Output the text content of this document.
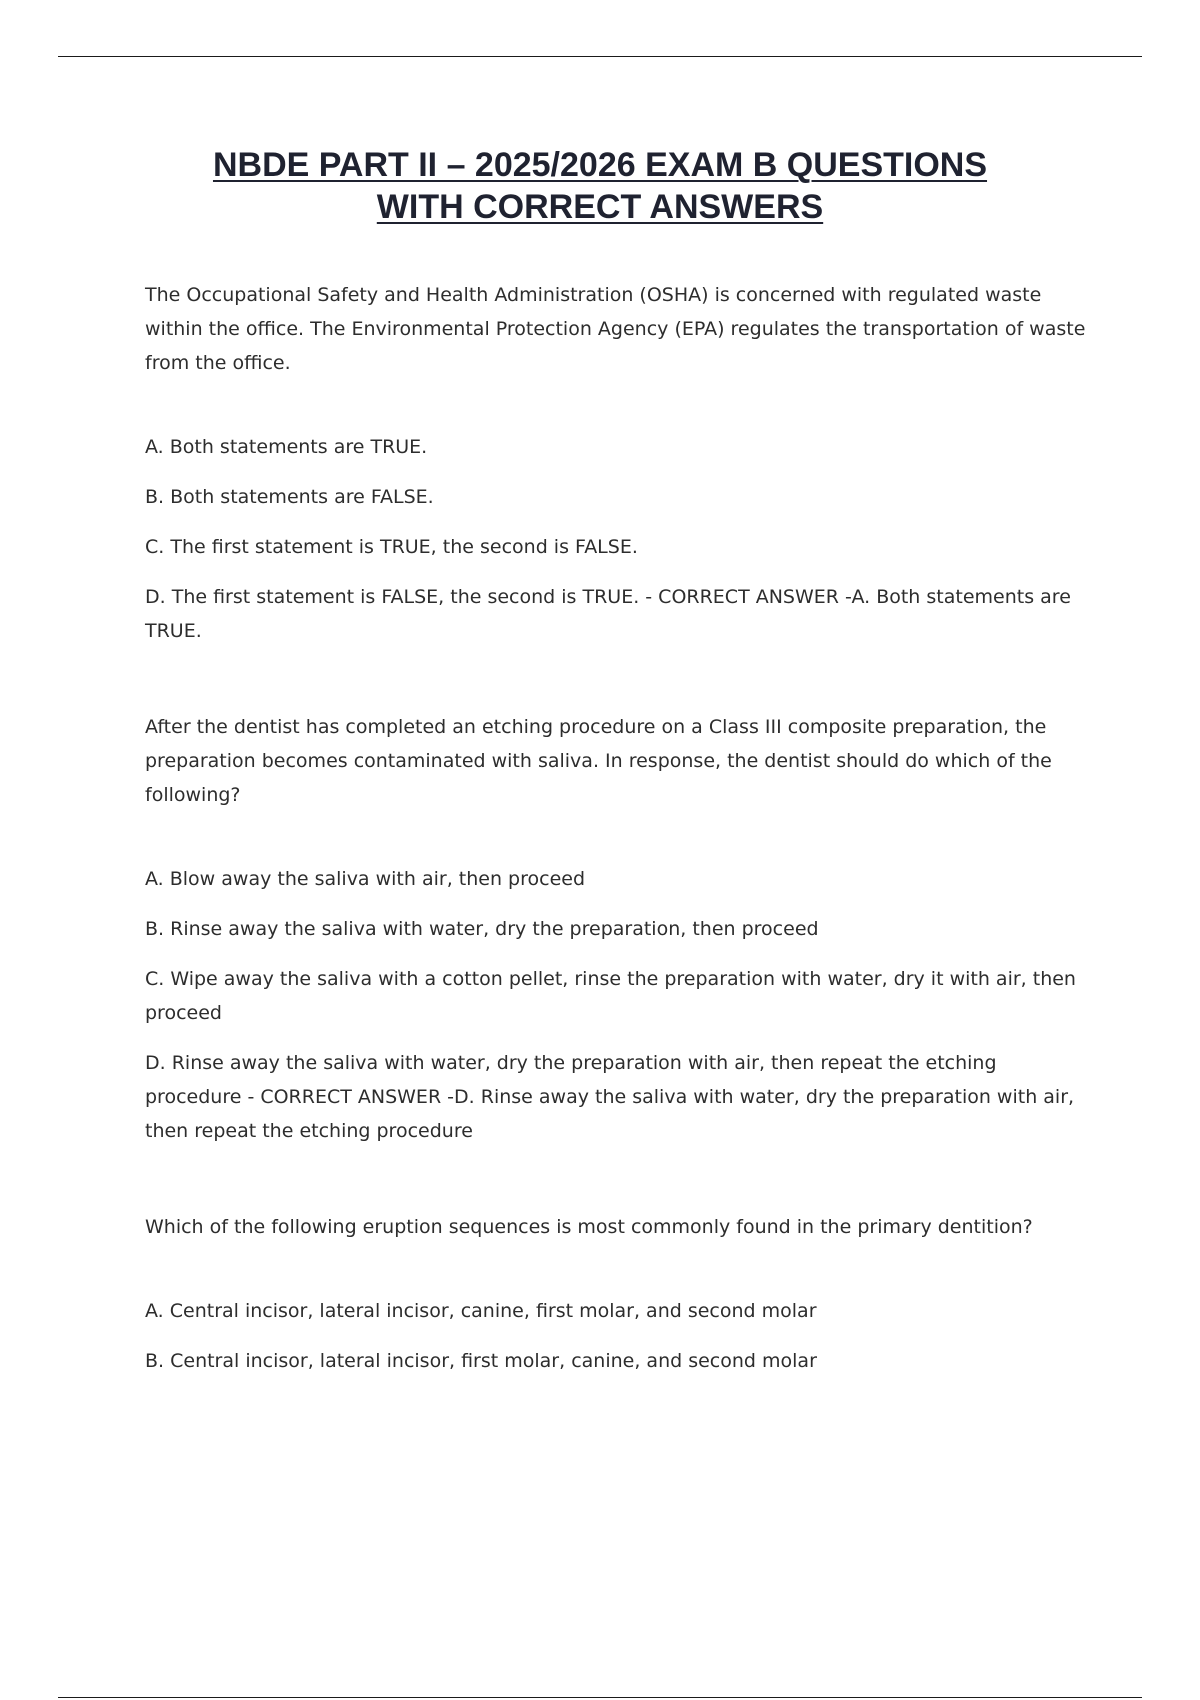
NBDE PART II – 2025/2026 EXAM B QUESTIONS
WITH CORRECT ANSWERS

The Occupational Safety and Health Administration (OSHA) is concerned with regulated waste within the office. The Environmental Protection Agency (EPA) regulates the transportation of waste from the office.

A. Both statements are TRUE.

B. Both statements are FALSE.

C. The first statement is TRUE, the second is FALSE.

D. The first statement is FALSE, the second is TRUE. - CORRECT ANSWER -A. Both statements are TRUE.

After the dentist has completed an etching procedure on a Class III composite preparation, the preparation becomes contaminated with saliva. In response, the dentist should do which of the following?

A. Blow away the saliva with air, then proceed

B. Rinse away the saliva with water, dry the preparation, then proceed

C. Wipe away the saliva with a cotton pellet, rinse the preparation with water, dry it with air, then proceed

D. Rinse away the saliva with water, dry the preparation with air, then repeat the etching procedure - CORRECT ANSWER -D. Rinse away the saliva with water, dry the preparation with air, then repeat the etching procedure

Which of the following eruption sequences is most commonly found in the primary dentition?

A. Central incisor, lateral incisor, canine, first molar, and second molar

B. Central incisor, lateral incisor, first molar, canine, and second molar
